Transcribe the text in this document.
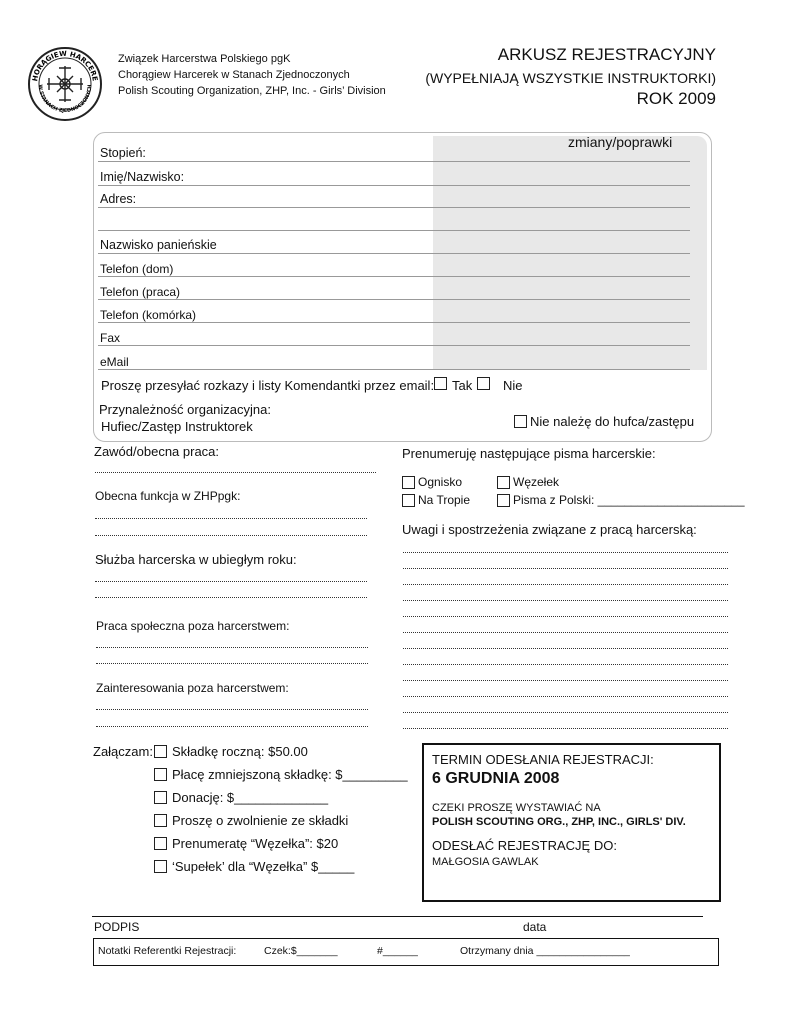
HORĄGIEW HARCERE
W STANACH ZJEDNOCZONYCH
Związek Harcerstwa Polskiego pgK
Chorągiew Harcerek w Stanach Zjednoczonych
Polish Scouting Organization, ZHP, Inc. - Girls’ Division
ARKUSZ REJESTRACYJNY
(WYPEŁNIAJĄ WSZYSTKIE INSTRUKTORKI)
ROK 2009
zmiany/poprawki
Stopień:
Imię/Nazwisko:
Adres:
Nazwisko panieńskie
Telefon (dom)
Telefon (praca)
Telefon (komórka)
Fax
eMail
Proszę przesyłać rozkazy i listy Komendantki przez email: Tak Nie
Przynależność organizacyjna:
Hufiec/Zastęp Instruktorek	Nie należę do hufca/zastępu
Zawód/obecna praca:
Obecna funkcja w ZHPpgk:
Służba harcerska w ubiegłym roku:
Praca społeczna poza harcerstwem:
Zainteresowania poza harcerstwem:
Prenumeruję następujące pisma harcerskie:
Ognisko	Węzełek
Na Tropie	Pisma z Polski: ______________________
Uwagi i spostrzeżenia związane z pracą harcerską:
Załączam: Składkę roczną: $50.00
Płacę zmniejszoną składkę: $_________
Donację: $_____________
Proszę o zwolnienie ze składki
Prenumeratę “Węzełka”: $20
‘Supełek’ dla “Węzełka” $_____
TERMIN ODESŁANIA REJESTRACJI:
6 GRUDNIA 2008
CZEKI PROSZĘ WYSTAWIAĆ NA
POLISH SCOUTING ORG., ZHP, INC., GIRLS' DIV.
ODESŁAĆ REJESTRACJĘ DO:
MAŁGOSIA GAWLAK
PODPIS	data
Notatki Referentki Rejestracji:	Czek:$_______	#______	Otrzymany dnia ________________
